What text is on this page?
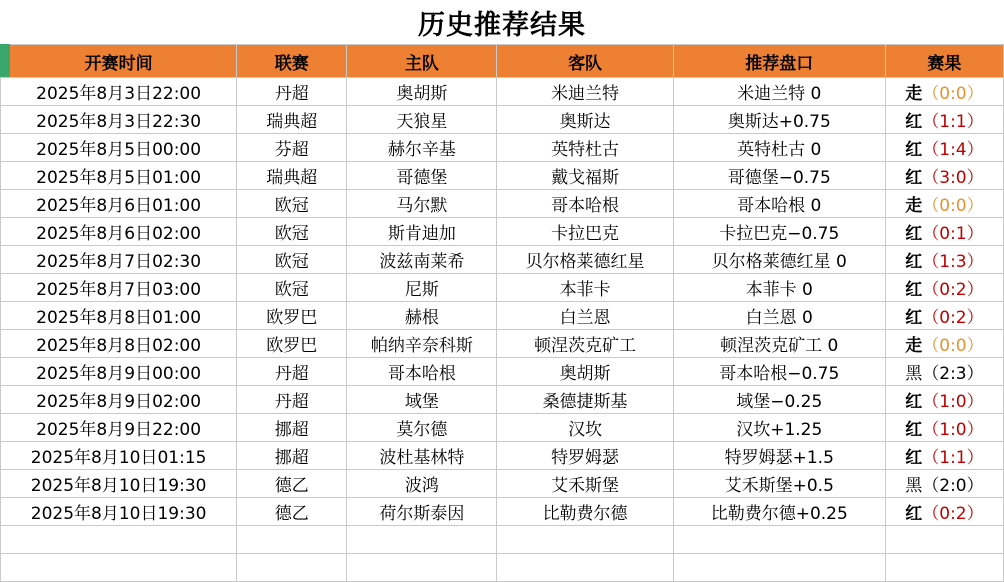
历史推荐结果
开赛时间	联赛	主队	客队	推荐盘口	赛果
2025年8月3日22:00	丹超	奥胡斯	米迪兰特	米迪兰特 0	走（0:0）
2025年8月3日22:30	瑞典超	天狼星	奥斯达	奥斯达+0.75	红（1:1）
2025年8月5日00:00	芬超	赫尔辛基	英特杜古	英特杜古 0	红（1:4）
2025年8月5日01:00	瑞典超	哥德堡	戴戈福斯	哥德堡−0.75	红（3:0）
2025年8月6日01:00	欧冠	马尔默	哥本哈根	哥本哈根 0	走（0:0）
2025年8月6日02:00	欧冠	斯肯迪加	卡拉巴克	卡拉巴克−0.75	红（0:1）
2025年8月7日02:30	欧冠	波兹南莱希	贝尔格莱德红星	贝尔格莱德红星 0	红（1:3）
2025年8月7日03:00	欧冠	尼斯	本菲卡	本菲卡 0	红（0:2）
2025年8月8日01:00	欧罗巴	赫根	白兰恩	白兰恩 0	红（0:2）
2025年8月8日02:00	欧罗巴	帕纳辛奈科斯	顿涅茨克矿工	顿涅茨克矿工 0	走（0:0）
2025年8月9日00:00	丹超	哥本哈根	奥胡斯	哥本哈根−0.75	黑（2:3）
2025年8月9日02:00	丹超	域堡	桑德捷斯基	域堡−0.25	红（1:0）
2025年8月9日22:00	挪超	莫尔德	汉坎	汉坎+1.25	红（1:0）
2025年8月10日01:15	挪超	波杜基林特	特罗姆瑟	特罗姆瑟+1.5	红（1:1）
2025年8月10日19:30	德乙	波鸿	艾禾斯堡	艾禾斯堡+0.5	黑（2:0）
2025年8月10日19:30	德乙	荷尔斯泰因	比勒费尔德	比勒费尔德+0.25	红（0:2）
